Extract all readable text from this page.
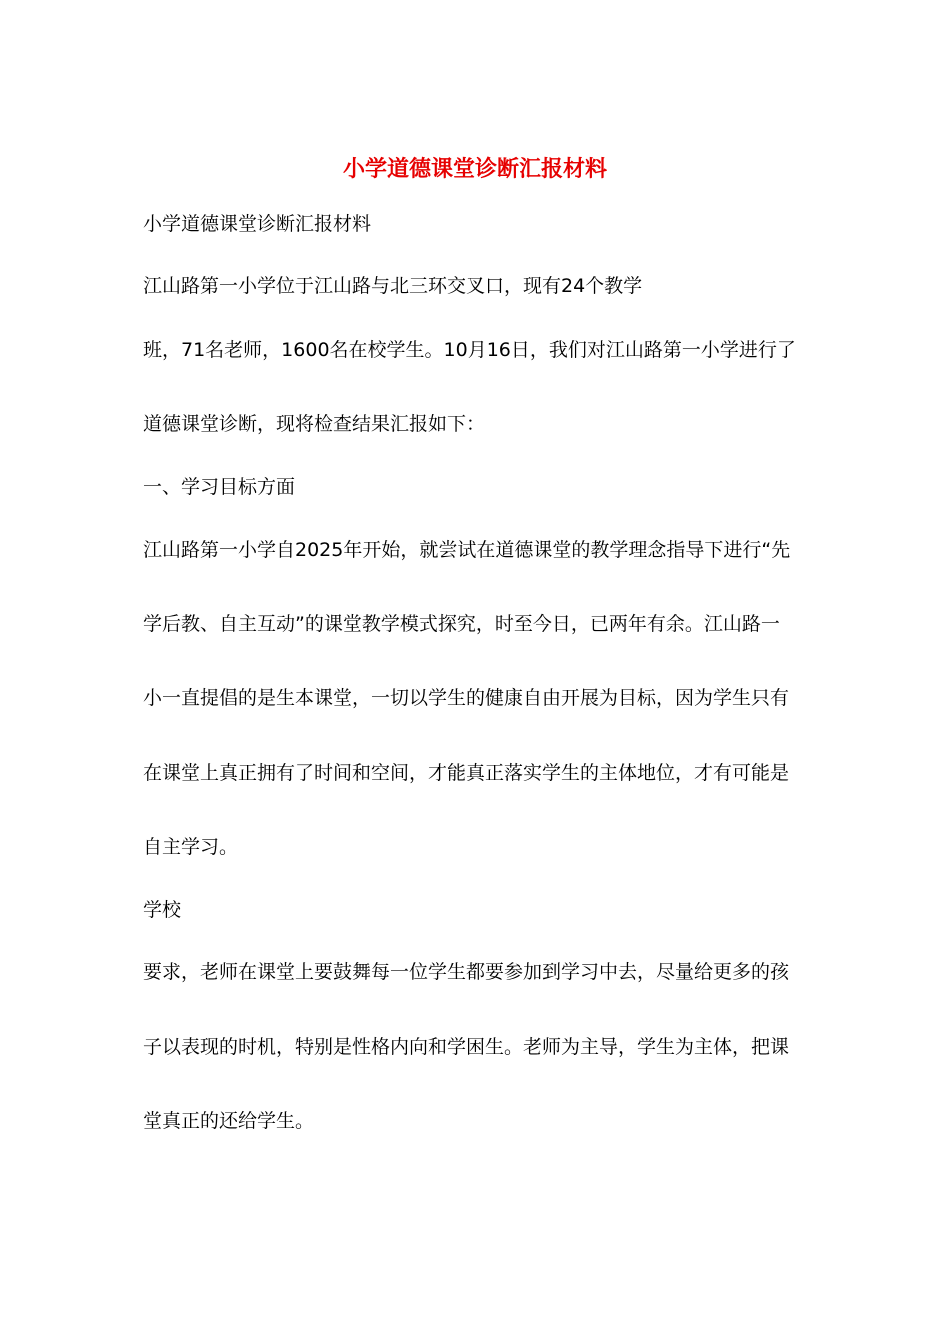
小学道德课堂诊断汇报材料
小学道德课堂诊断汇报材料
江山路第一小学位于江山路与北三环交叉口，现有24个教学
班，71名老师，1600名在校学生。10月16日，我们对江山路第一小学进行了
道德课堂诊断，现将检查结果汇报如下：
一、学习目标方面
江山路第一小学自2025年开始，就尝试在道德课堂的教学理念指导下进行“先
学后教、自主互动”的课堂教学模式探究，时至今日，已两年有余。江山路一
小一直提倡的是生本课堂，一切以学生的健康自由开展为目标，因为学生只有
在课堂上真正拥有了时间和空间，才能真正落实学生的主体地位，才有可能是
自主学习。
学校
要求，老师在课堂上要鼓舞每一位学生都要参加到学习中去，尽量给更多的孩
子以表现的时机，特别是性格内向和学困生。老师为主导，学生为主体，把课
堂真正的还给学生。
